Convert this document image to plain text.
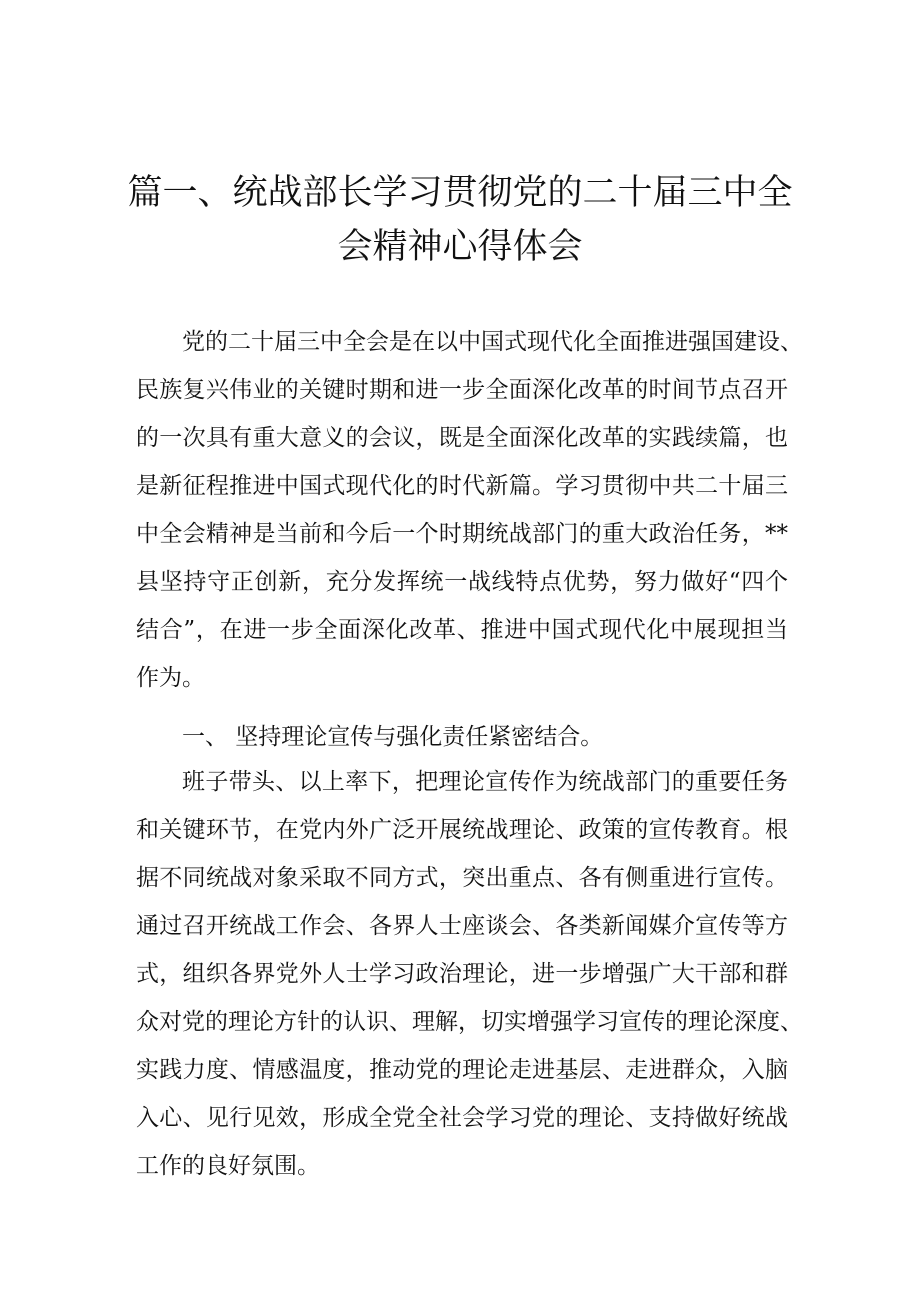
篇一、统战部长学习贯彻党的二十届三中全
会精神心得体会
党的二十届三中全会是在以中国式现代化全面推进强国建设、
民族复兴伟业的关键时期和进一步全面深化改革的时间节点召开
的一次具有重大意义的会议，既是全面深化改革的实践续篇，也
是新征程推进中国式现代化的时代新篇。学习贯彻中共二十届三
中全会精神是当前和今后一个时期统战部门的重大政治任务，**
县坚持守正创新，充分发挥统一战线特点优势，努力做好“四个
结合”，在进一步全面深化改革、推进中国式现代化中展现担当
作为。
一、 坚持理论宣传与强化责任紧密结合。
班子带头、以上率下，把理论宣传作为统战部门的重要任务
和关键环节，在党内外广泛开展统战理论、政策的宣传教育。根
据不同统战对象采取不同方式，突出重点、各有侧重进行宣传。
通过召开统战工作会、各界人士座谈会、各类新闻媒介宣传等方
式，组织各界党外人士学习政治理论，进一步增强广大干部和群
众对党的理论方针的认识、理解，切实增强学习宣传的理论深度、
实践力度、情感温度，推动党的理论走进基层、走进群众，入脑
入心、见行见效，形成全党全社会学习党的理论、支持做好统战
工作的良好氛围。
